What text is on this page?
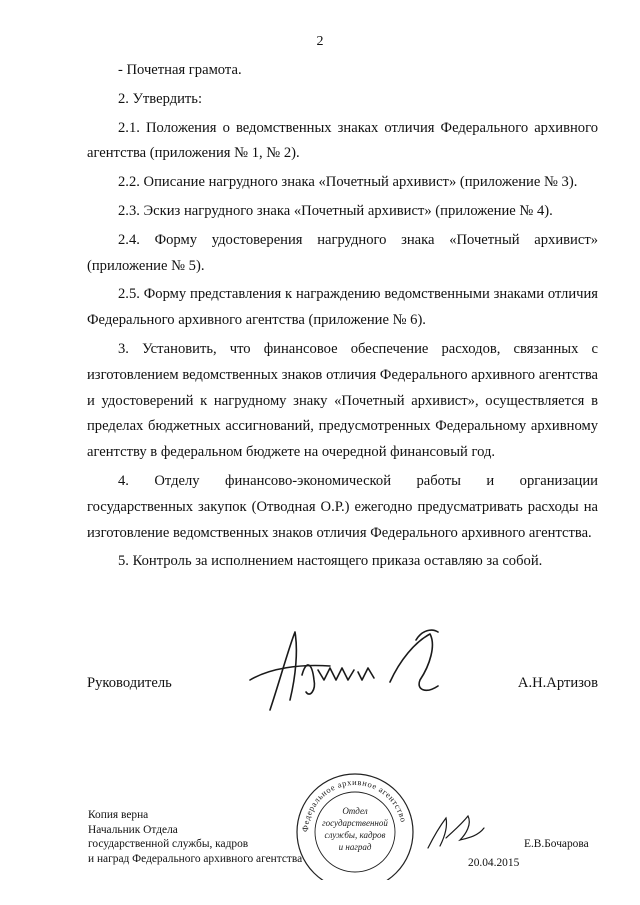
2

- Почетная грамота.

2. Утвердить:

2.1. Положения о ведомственных знаках отличия Федерального архивного агентства (приложения № 1, № 2).

2.2. Описание нагрудного знака «Почетный архивист» (приложение № 3).

2.3. Эскиз нагрудного знака «Почетный архивист» (приложение № 4).

2.4. Форму удостоверения нагрудного знака «Почетный архивист» (приложение № 5).

2.5. Форму представления к награждению ведомственными знаками отличия Федерального архивного агентства (приложение № 6).

3. Установить, что финансовое обеспечение расходов, связанных с изготовлением ведомственных знаков отличия Федерального архивного агентства и удостоверений к нагрудному знаку «Почетный архивист», осуществляется в пределах бюджетных ассигнований, предусмотренных Федеральному архивному агентству в федеральном бюджете на очередной финансовый год.

4. Отделу финансово-экономической работы и организации государственных закупок (Отводная О.Р.) ежегодно предусматривать расходы на изготовление ведомственных знаков отличия Федерального архивного агентства.

5. Контроль за исполнением настоящего приказа оставляю за собой.

Руководитель	А.Н.Артизов
Федеральное архивное агентство
Отдел
государственной
службы, кадров
и наград
Копия верна
Начальник Отдела
государственной службы, кадров
и наград Федерального архивного агентства
Е.В.Бочарова
20.04.2015
